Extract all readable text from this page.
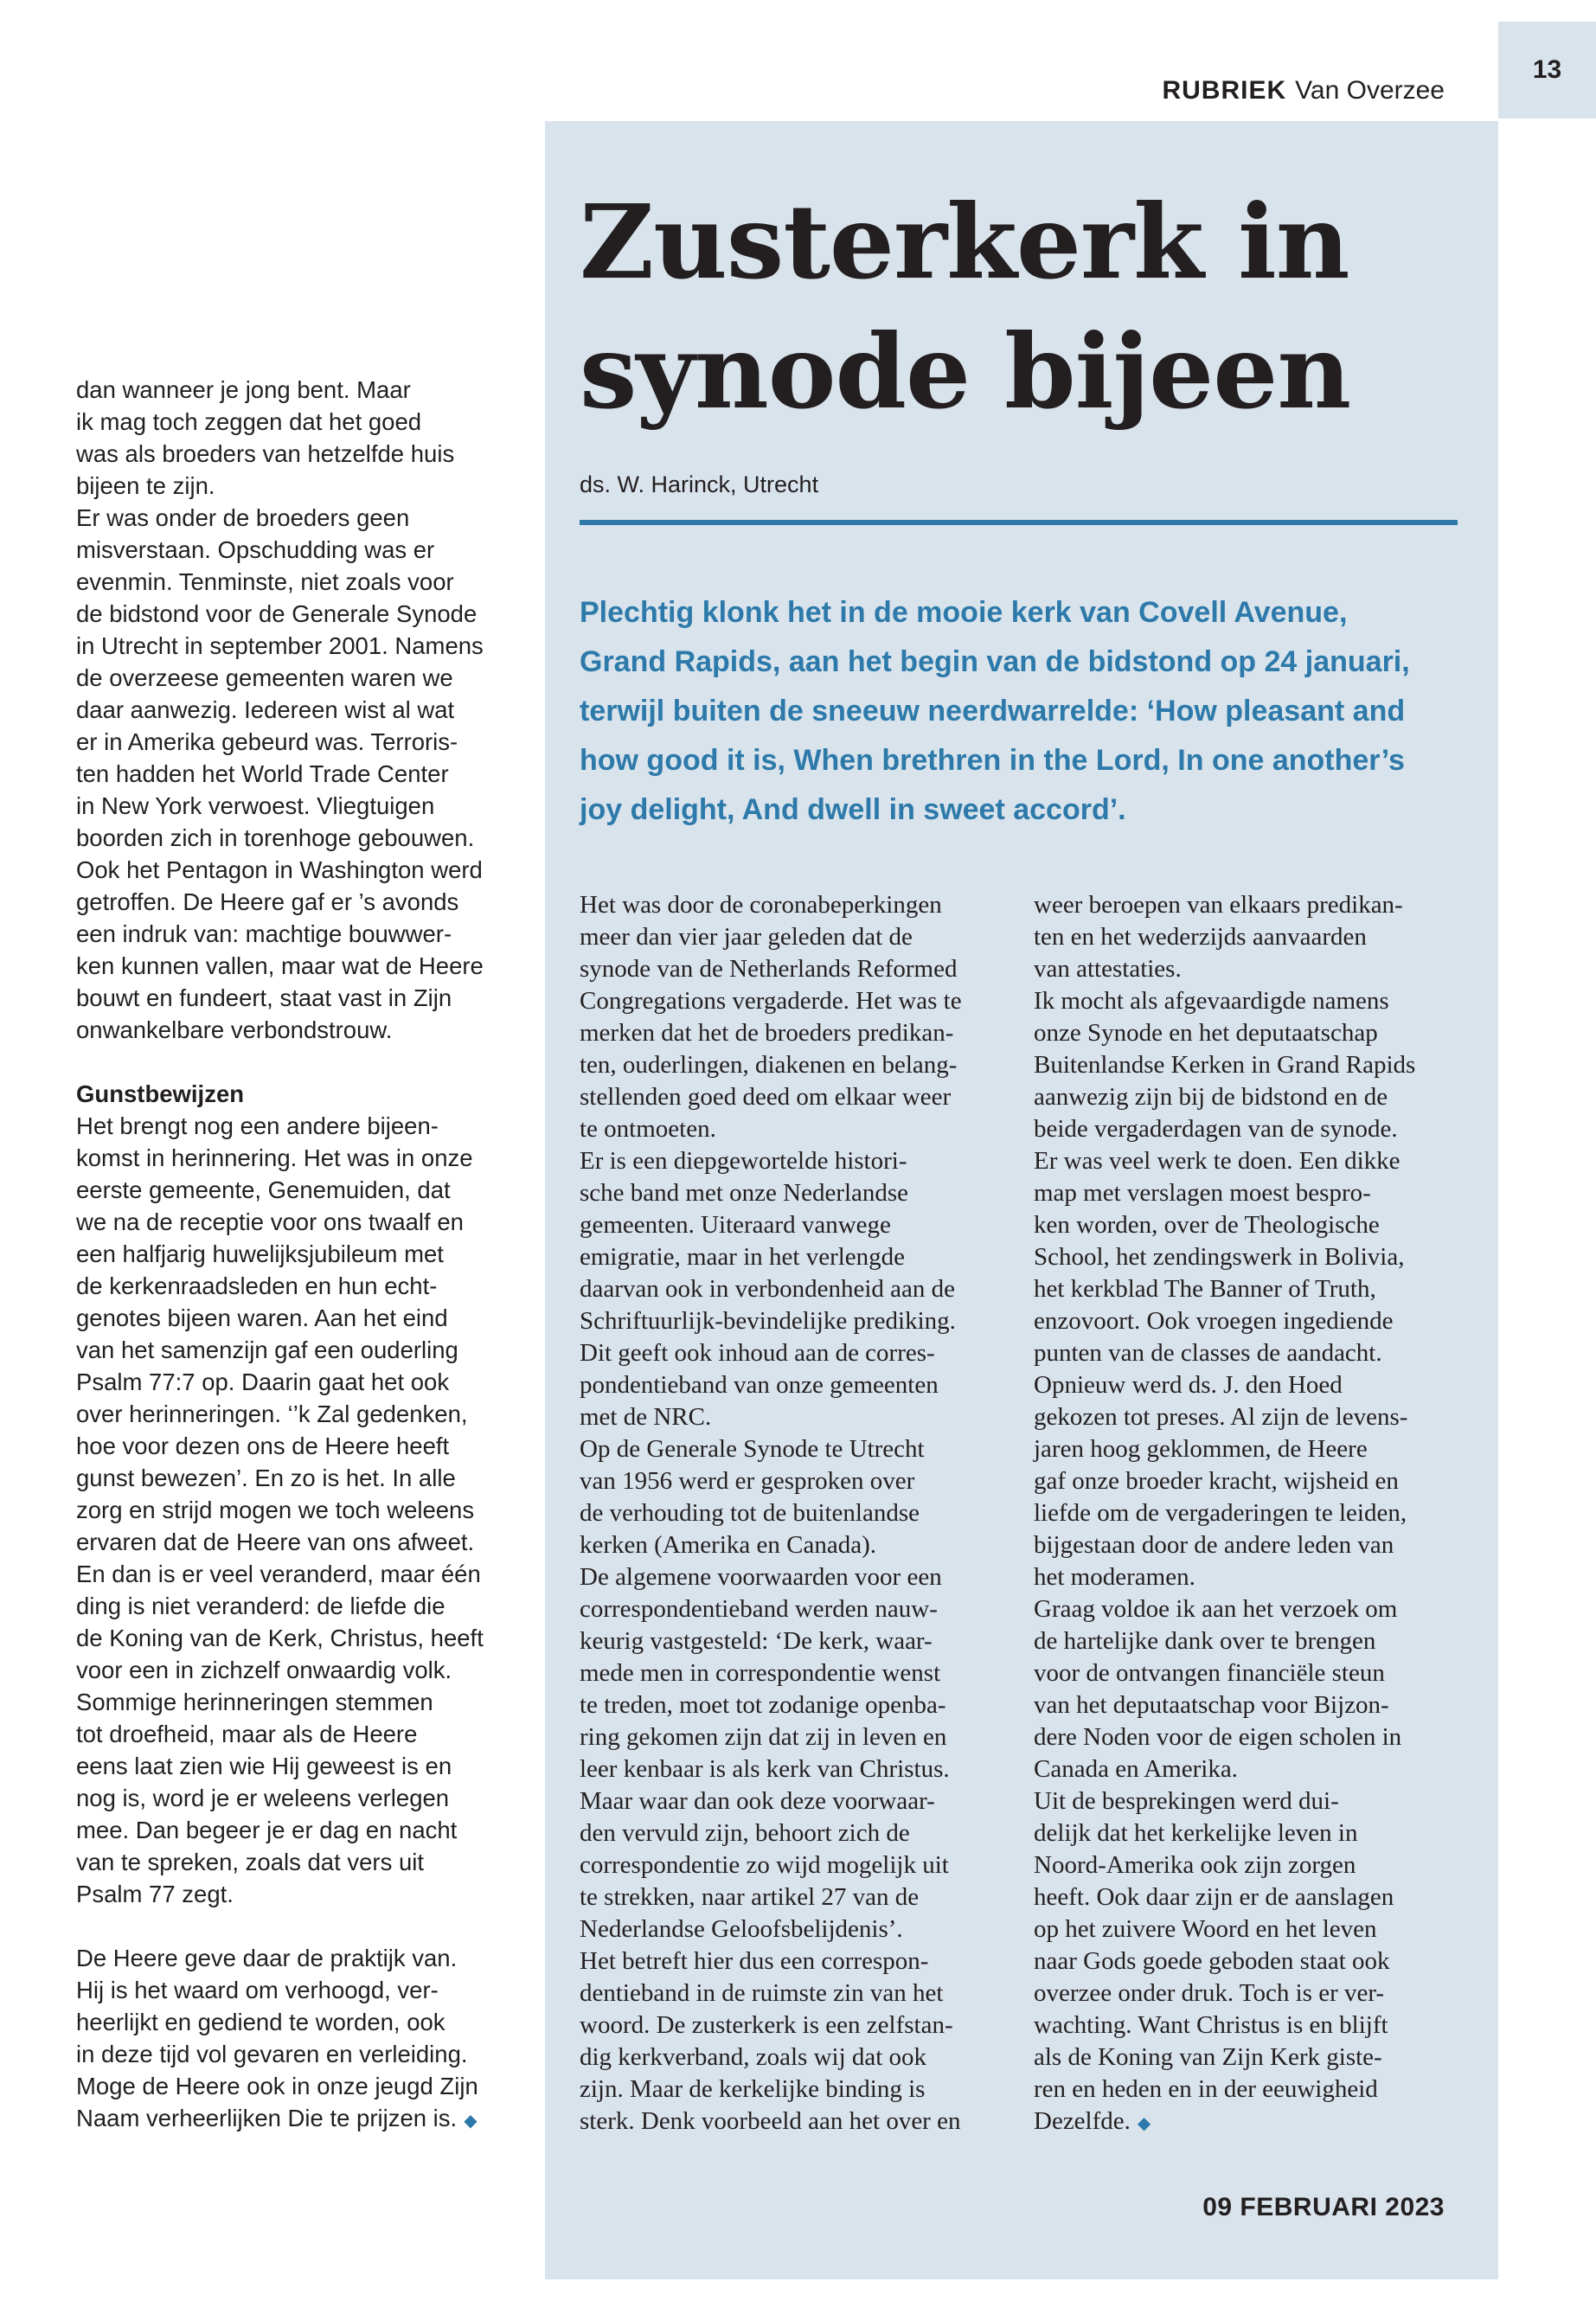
13
RUBRIEK Van Overzee
Zusterkerk in
synode bijeen
ds. W. Harinck, Utrecht
Plechtig klonk het in de mooie kerk van Covell Avenue,
Grand Rapids, aan het begin van de bidstond op 24 januari,
terwijl buiten de sneeuw neerdwarrelde: ‘How pleasant and
how good it is, When brethren in the Lord, In one another’s
joy delight, And dwell in sweet accord’.
dan wanneer je jong bent. Maar
ik mag toch zeggen dat het goed
was als broeders van hetzelfde huis
bijeen te zijn.
Er was onder de broeders geen
misverstaan. Opschudding was er
evenmin. Tenminste, niet zoals voor
de bidstond voor de Generale Synode
in Utrecht in september 2001. Namens
de overzeese gemeenten waren we
daar aanwezig. Iedereen wist al wat
er in Amerika gebeurd was. Terroris-
ten hadden het World Trade Center
in New York verwoest. Vliegtuigen
boorden zich in torenhoge gebouwen.
Ook het Pentagon in Washington werd
getroffen. De Heere gaf er ’s avonds
een indruk van: machtige bouwwer-
ken kunnen vallen, maar wat de Heere
bouwt en fundeert, staat vast in Zijn
onwankelbare verbondstrouw.
Gunstbewijzen
Het brengt nog een andere bijeen-
komst in herinnering. Het was in onze
eerste gemeente, Genemuiden, dat
we na de receptie voor ons twaalf en
een halfjarig huwelijksjubileum met
de kerkenraadsleden en hun echt-
genotes bijeen waren. Aan het eind
van het samenzijn gaf een ouderling
Psalm 77:7 op. Daarin gaat het ook
over herinneringen. ‘’k Zal gedenken,
hoe voor dezen ons de Heere heeft
gunst bewezen’. En zo is het. In alle
zorg en strijd mogen we toch weleens
ervaren dat de Heere van ons afweet.
En dan is er veel veranderd, maar één
ding is niet veranderd: de liefde die
de Koning van de Kerk, Christus, heeft
voor een in zichzelf onwaardig volk.
Sommige herinneringen stemmen
tot droefheid, maar als de Heere
eens laat zien wie Hij geweest is en
nog is, word je er weleens verlegen
mee. Dan begeer je er dag en nacht
van te spreken, zoals dat vers uit
Psalm 77 zegt.
De Heere geve daar de praktijk van.
Hij is het waard om verhoogd, ver-
heerlijkt en gediend te worden, ook
in deze tijd vol gevaren en verleiding.
Moge de Heere ook in onze jeugd Zijn
Naam verheerlijken Die te prijzen is. ◆
Het was door de coronabeperkingen
meer dan vier jaar geleden dat de
synode van de Netherlands Reformed
Congregations vergaderde. Het was te
merken dat het de broeders predikan-
ten, ouderlingen, diakenen en belang-
stellenden goed deed om elkaar weer
te ontmoeten.
Er is een diepgewortelde histori-
sche band met onze Nederlandse
gemeenten. Uiteraard vanwege
emigratie, maar in het verlengde
daarvan ook in verbondenheid aan de
Schriftuurlijk-bevindelijke prediking.
Dit geeft ook inhoud aan de corres-
pondentieband van onze gemeenten
met de NRC.
Op de Generale Synode te Utrecht
van 1956 werd er gesproken over
de verhouding tot de buitenlandse
kerken (Amerika en Canada).
De algemene voorwaarden voor een
correspondentieband werden nauw-
keurig vastgesteld: ‘De kerk, waar-
mede men in correspondentie wenst
te treden, moet tot zodanige openba-
ring gekomen zijn dat zij in leven en
leer kenbaar is als kerk van Christus.
Maar waar dan ook deze voorwaar-
den vervuld zijn, behoort zich de
correspondentie zo wijd mogelijk uit
te strekken, naar artikel 27 van de
Nederlandse Geloofsbelijdenis’.
Het betreft hier dus een correspon-
dentieband in de ruimste zin van het
woord. De zusterkerk is een zelfstan-
dig kerkverband, zoals wij dat ook
zijn. Maar de kerkelijke binding is
sterk. Denk voorbeeld aan het over en
weer beroepen van elkaars predikan-
ten en het wederzijds aanvaarden
van attestaties.
Ik mocht als afgevaardigde namens
onze Synode en het deputaatschap
Buitenlandse Kerken in Grand Rapids
aanwezig zijn bij de bidstond en de
beide vergaderdagen van de synode.
Er was veel werk te doen. Een dikke
map met verslagen moest bespro-
ken worden, over de Theologische
School, het zendingswerk in Bolivia,
het kerkblad The Banner of Truth,
enzovoort. Ook vroegen ingediende
punten van de classes de aandacht.
Opnieuw werd ds. J. den Hoed
gekozen tot preses. Al zijn de levens-
jaren hoog geklommen, de Heere
gaf onze broeder kracht, wijsheid en
liefde om de vergaderingen te leiden,
bijgestaan door de andere leden van
het moderamen.
Graag voldoe ik aan het verzoek om
de hartelijke dank over te brengen
voor de ontvangen financiële steun
van het deputaatschap voor Bijzon-
dere Noden voor de eigen scholen in
Canada en Amerika.
Uit de besprekingen werd dui-
delijk dat het kerkelijke leven in
Noord-Amerika ook zijn zorgen
heeft. Ook daar zijn er de aanslagen
op het zuivere Woord en het leven
naar Gods goede geboden staat ook
overzee onder druk. Toch is er ver-
wachting. Want Christus is en blijft
als de Koning van Zijn Kerk giste-
ren en heden en in der eeuwigheid
Dezelfde. ◆
09 FEBRUARI 2023
